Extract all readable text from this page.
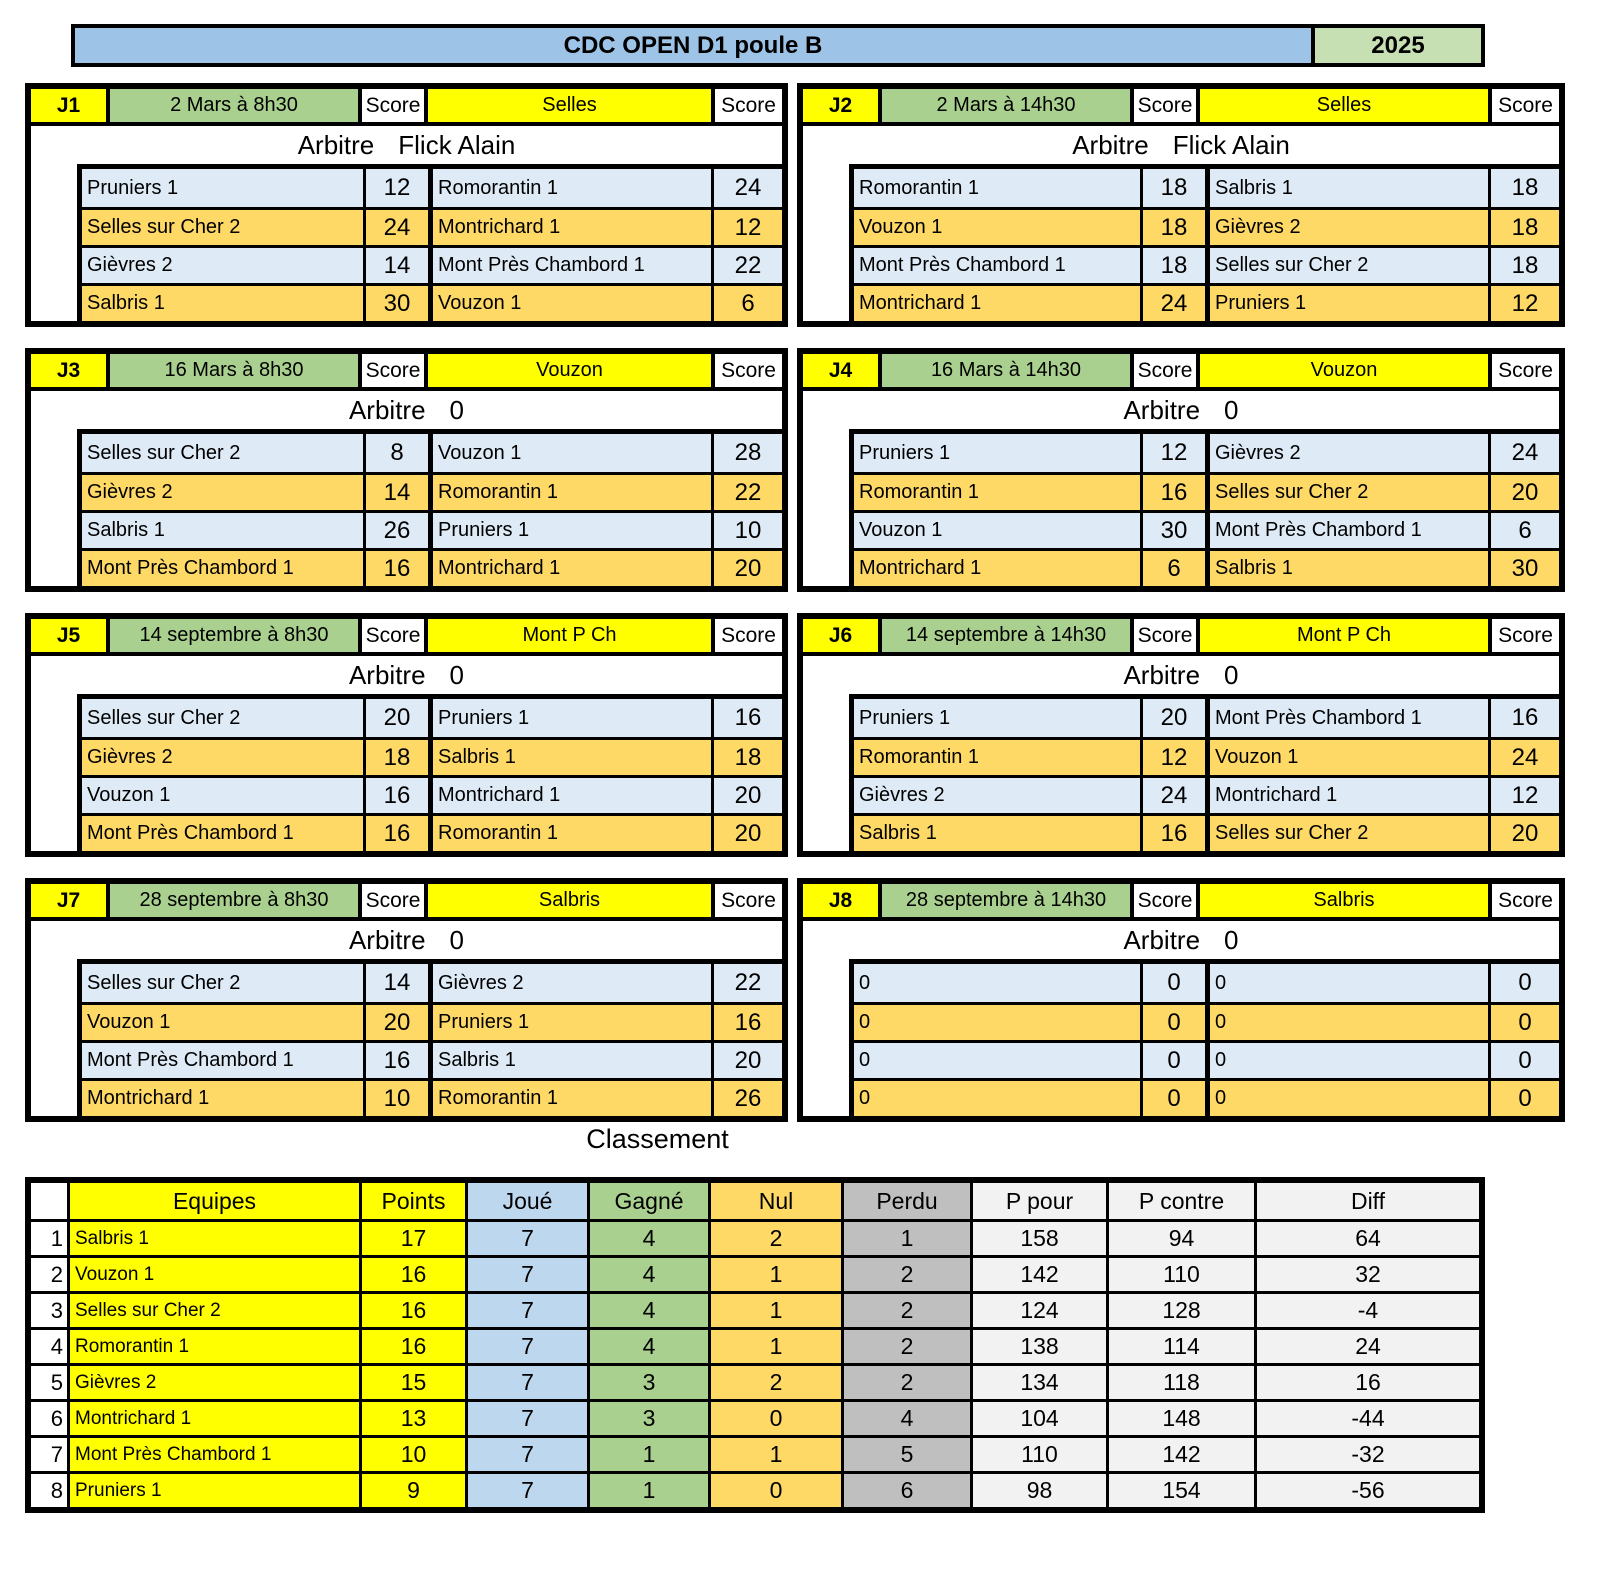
CDC OPEN D1 poule B	2025
J1	2 Mars à 8h30	Score	Selles	Score
Arbitre Flick Alain
Pruniers 1	12	Romorantin 1	24
Selles sur Cher 2	24	Montrichard 1	12
Gièvres 2	14	Mont Près Chambord 1	22
Salbris 1	30	Vouzon 1	6
J2	2 Mars à 14h30	Score	Selles	Score
Arbitre Flick Alain
Romorantin 1	18	Salbris 1	18
Vouzon 1	18	Gièvres 2	18
Mont Près Chambord 1	18	Selles sur Cher 2	18
Montrichard 1	24	Pruniers 1	12
J3	16 Mars à 8h30	Score	Vouzon	Score
Arbitre 0
Selles sur Cher 2	8	Vouzon 1	28
Gièvres 2	14	Romorantin 1	22
Salbris 1	26	Pruniers 1	10
Mont Près Chambord 1	16	Montrichard 1	20
J4	16 Mars à 14h30	Score	Vouzon	Score
Arbitre 0
Pruniers 1	12	Gièvres 2	24
Romorantin 1	16	Selles sur Cher 2	20
Vouzon 1	30	Mont Près Chambord 1	6
Montrichard 1	6	Salbris 1	30
J5	14 septembre à 8h30	Score	Mont P Ch	Score
Arbitre 0
Selles sur Cher 2	20	Pruniers 1	16
Gièvres 2	18	Salbris 1	18
Vouzon 1	16	Montrichard 1	20
Mont Près Chambord 1	16	Romorantin 1	20
J6	14 septembre à 14h30	Score	Mont P Ch	Score
Arbitre 0
Pruniers 1	20	Mont Près Chambord 1	16
Romorantin 1	12	Vouzon 1	24
Gièvres 2	24	Montrichard 1	12
Salbris 1	16	Selles sur Cher 2	20
J7	28 septembre à 8h30	Score	Salbris	Score
Arbitre 0
Selles sur Cher 2	14	Gièvres 2	22
Vouzon 1	20	Pruniers 1	16
Mont Près Chambord 1	16	Salbris 1	20
Montrichard 1	10	Romorantin 1	26
J8	28 septembre à 14h30	Score	Salbris	Score
Arbitre 0
0	0	0	0
0	0	0	0
0	0	0	0
0	0	0	0
Classement
Equipes	Points	Joué	Gagné	Nul	Perdu	P pour	P contre	Diff
1 Salbris 1	17	7	4	2	1	158	94	64
2 Vouzon 1	16	7	4	1	2	142	110	32
3 Selles sur Cher 2	16	7	4	1	2	124	128	-4
4 Romorantin 1	16	7	4	1	2	138	114	24
5 Gièvres 2	15	7	3	2	2	134	118	16
6 Montrichard 1	13	7	3	0	4	104	148	-44
7 Mont Près Chambord 1	10	7	1	1	5	110	142	-32
8 Pruniers 1	9	7	1	0	6	98	154	-56
